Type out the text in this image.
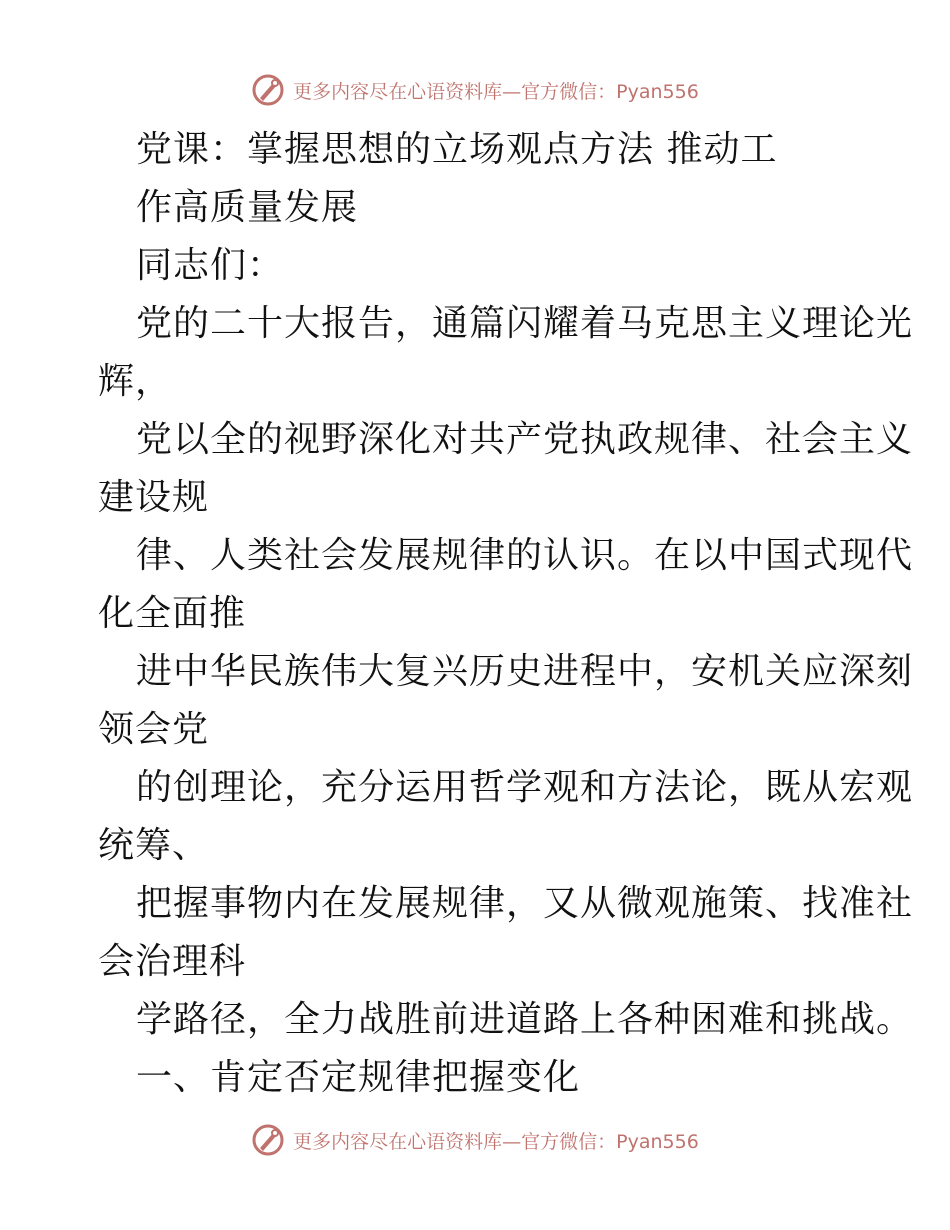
更多内容尽在心语资料库—官方微信：Pyan556
党课：掌握思想的立场观点方法 推动工
作高质量发展
同志们：
党的二十大报告，通篇闪耀着马克思主义理论光
辉，
党以全的视野深化对共产党执政规律、社会主义
建设规
律、人类社会发展规律的认识。在以中国式现代
化全面推
进中华民族伟大复兴历史进程中，安机关应深刻
领会党
的创理论，充分运用哲学观和方法论，既从宏观
统筹、
把握事物内在发展规律，又从微观施策、找准社
会治理科
学路径，全力战胜前进道路上各种困难和挑战。
一、肯定否定规律把握变化
更多内容尽在心语资料库—官方微信：Pyan556
